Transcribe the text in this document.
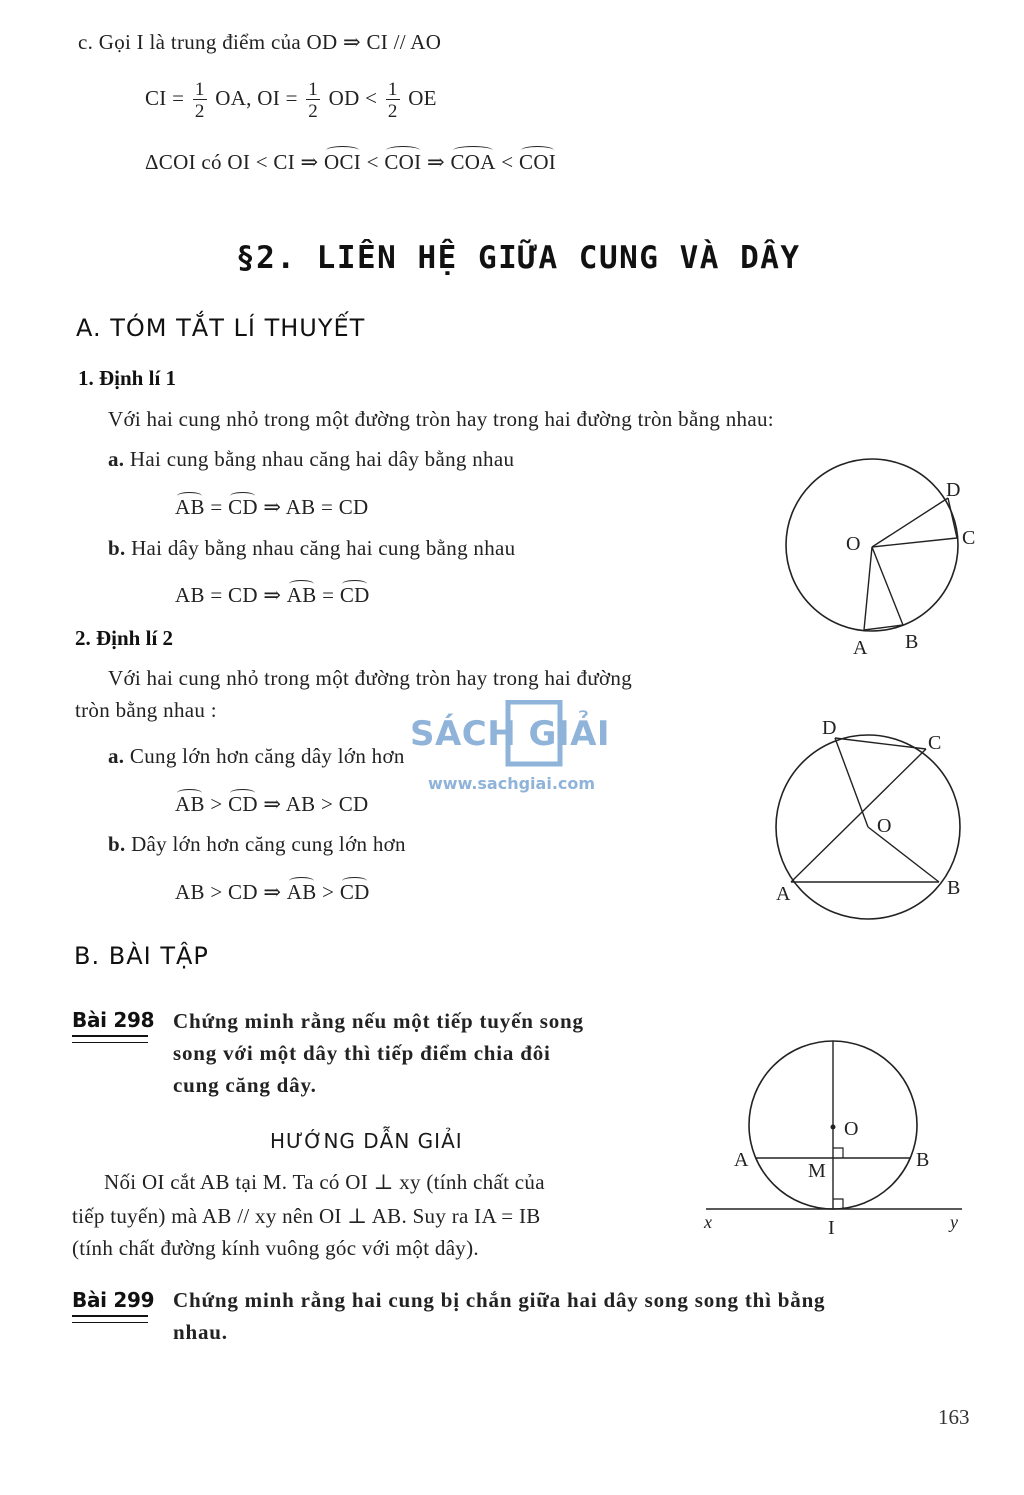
c. Gọi I là trung điểm của OD ⇒ CI // AO
CI = $\frac{1}{2}$ OA, OI = $\frac{1}{2}$ OD < $\frac{1}{2}$ OE
ΔCOI có OI < CI ⇒ OCI < COI ⇒ COA < COI
§2. LIÊN HỆ GIỮA CUNG VÀ DÂY
A. TÓM TẮT LÍ THUYẾT
1. Định lí 1
Với hai cung nhỏ trong một đường tròn hay trong hai đường tròn bằng nhau:
a. Hai cung bằng nhau căng hai dây bằng nhau
AB = CD ⇒ AB = CD
b. Hai dây bằng nhau căng hai cung bằng nhau
AB = CD ⇒ AB = CD
2. Định lí 2
Với hai cung nhỏ trong một đường tròn hay trong hai đường
tròn bằng nhau :
a. Cung lớn hơn căng dây lớn hơn
AB > CD ⇒ AB > CD
b. Dây lớn hơn căng cung lớn hơn
AB > CD ⇒ AB > CD
SÁCH GIẢI
www.sachgiai.com
B. BÀI TẬP
Bài 298 Chứng minh rằng nếu một tiếp tuyến song
song với một dây thì tiếp điểm chia đôi
cung căng dây.
HƯỚNG DẪN GIẢI
Nối OI cắt AB tại M. Ta có OI ⊥ xy (tính chất của
tiếp tuyến) mà AB // xy nên OI ⊥ AB. Suy ra IA = IB
(tính chất đường kính vuông góc với một dây).
Bài 299 Chứng minh rằng hai cung bị chắn giữa hai dây song song thì bằng
nhau.
O
A B
C
D
O
A	B
C
D
O
A	B
M
I
x	y
163
